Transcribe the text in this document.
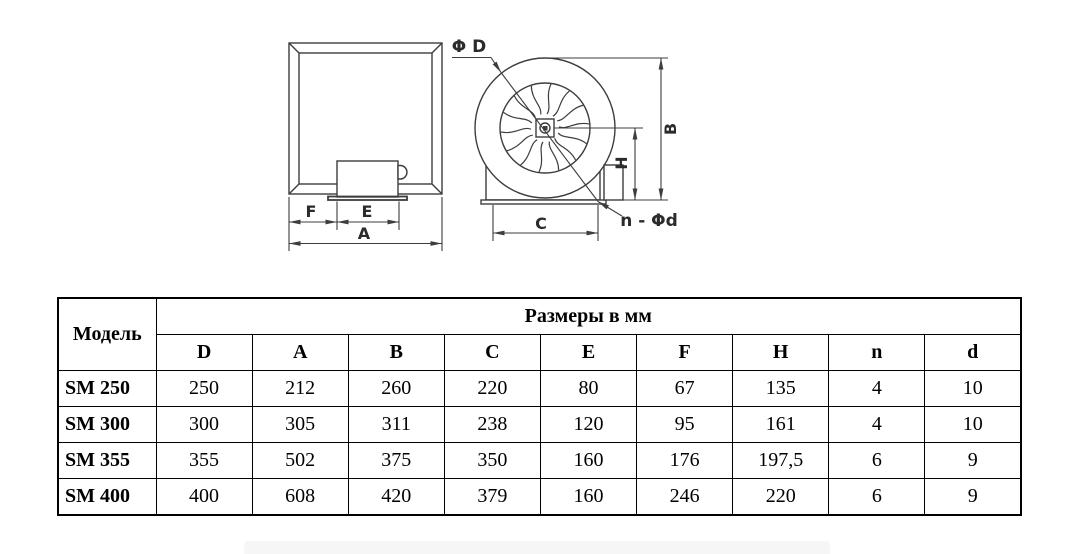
F	E
A
Φ D
B
H
C	n - Φd
Модель	Размеры в мм								
	D	A	B	C	E	F	H	n	d
SM 250	250	212	260	220	80	67	135	4	10
SM 300	300	305	311	238	120	95	161	4	10
SM 355	355	502	375	350	160	176	197,5	6	9
SM 400	400	608	420	379	160	246	220	6	9
